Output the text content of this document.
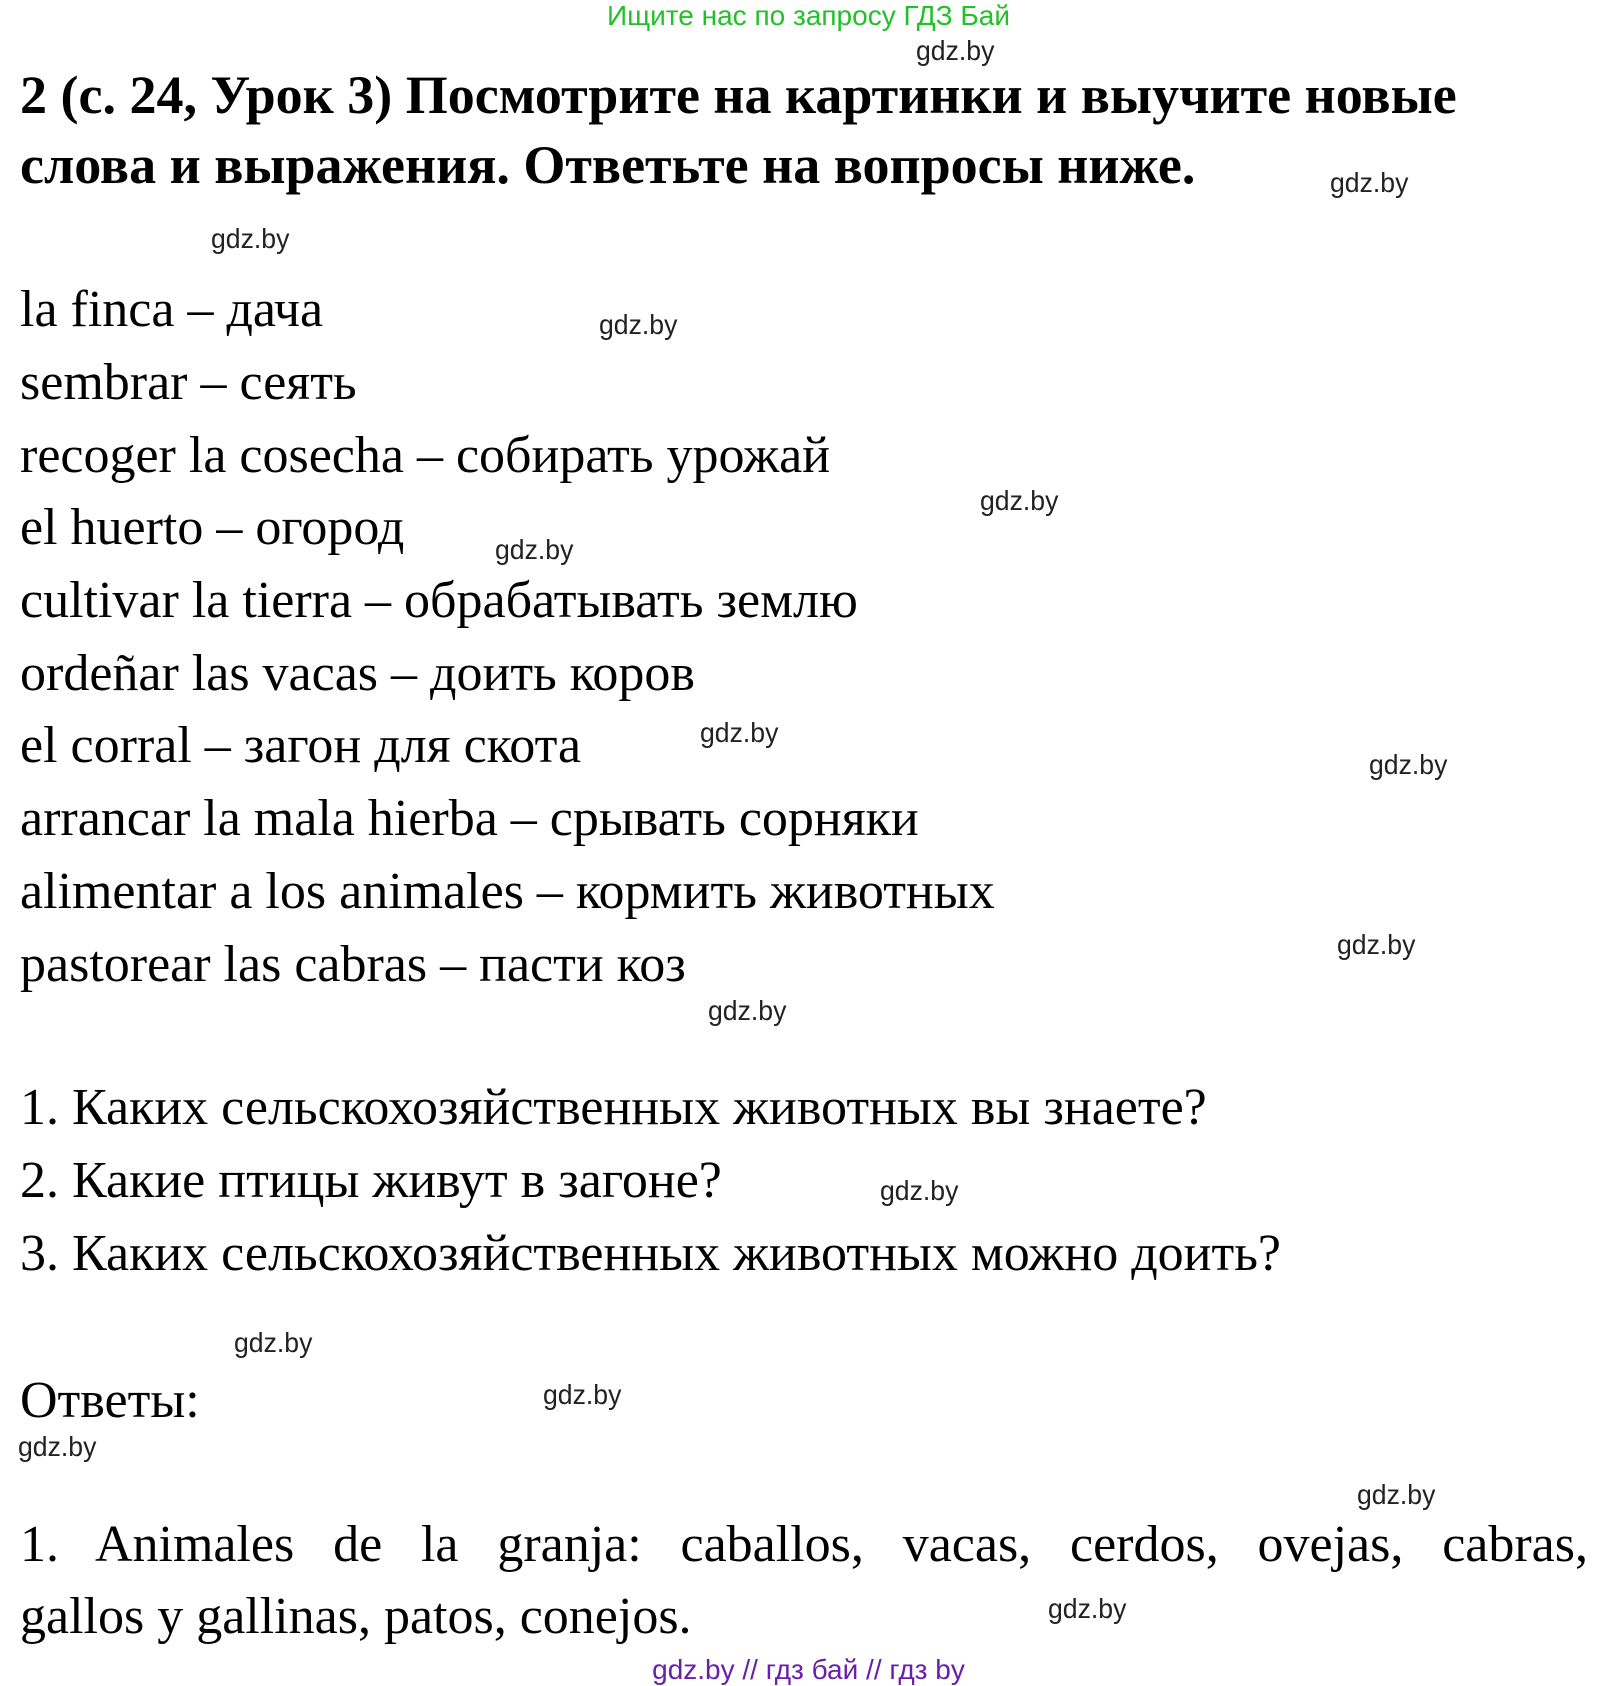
Ищите нас по запросу ГДЗ Бай
2 (с. 24, Урок 3) Посмотрите на картинки и выучите новые
слова и выражения. Ответьте на вопросы ниже.
la finca – дача
sembrar – сеять
recoger la cosecha – собирать урожай
el huerto – огород
cultivar la tierra – обрабатывать землю
ordeñar las vacas – доить коров
el corral – загон для скота
arrancar la mala hierba – срывать сорняки
alimentar a los animales – кормить животных
pastorear las cabras – пасти коз
1. Каких сельскохозяйственных животных вы знаете?
2. Какие птицы живут в загоне?
3. Каких сельскохозяйственных животных можно доить?
Ответы:
1. Animales de la granja: caballos, vacas, cerdos, ovejas, cabras,
gallos y gallinas, patos, conejos.
gdz.by
gdz.by
gdz.by
gdz.by
gdz.by
gdz.by
gdz.by
gdz.by
gdz.by
gdz.by
gdz.by
gdz.by
gdz.by
gdz.by
gdz.by
gdz.by
gdz.by // гдз бай // гдз by
